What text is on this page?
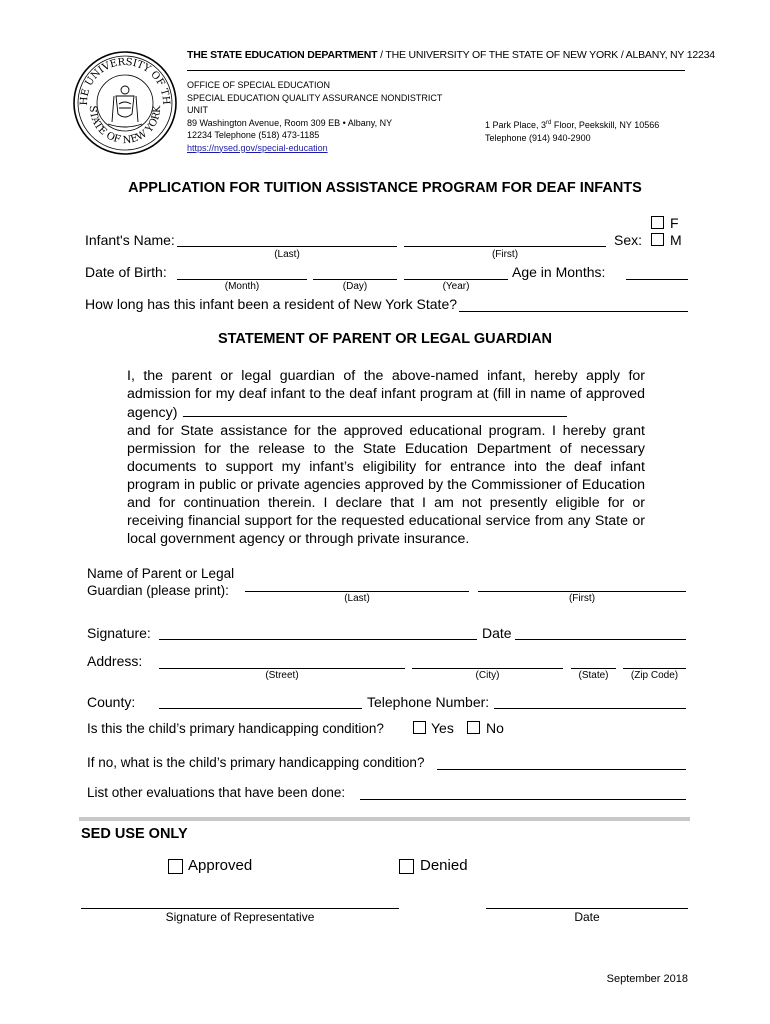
HE UNIVERSITY OF TH
STATE OF NEW YORK
THE STATE EDUCATION DEPARTMENT / THE UNIVERSITY OF THE STATE OF NEW YORK / ALBANY, NY 12234
OFFICE OF SPECIAL EDUCATION
SPECIAL EDUCATION QUALITY ASSURANCE NONDISTRICT
UNIT
89 Washington Avenue, Room 309 EB • Albany, NY
12234 Telephone (518) 473-1185
https://nysed.gov/special-education
1 Park Place, 3rd Floor, Peekskill, NY 10566
Telephone (914) 940-2900
APPLICATION FOR TUITION ASSISTANCE PROGRAM FOR DEAF INFANTS
F
M
Infant's Name:
(Last)	(First)
Sex:
Date of Birth:
(Month)	(Day)	(Year)
Age in Months:
How long has this infant been a resident of New York State?
STATEMENT OF PARENT OR LEGAL GUARDIAN

I, the parent or legal guardian of the above-named infant, hereby apply for admission for my deaf infant to the deaf infant program at (fill in name of approved agency)

and for State assistance for the approved educational program. I hereby grant permission for the release to the State Education Department of necessary documents to support my infant’s eligibility for entrance into the deaf infant program in public or private agencies approved by the Commissioner of Education and for continuation therein. I declare that I am not presently eligible for or receiving financial support for the requested educational service from any State or local government agency or through private insurance.

Name of Parent or Legal
Guardian (please print):
(Last)	(First)
Signature:	Date
Address:
(Street)	(City)	(State)	(Zip Code)
County:	Telephone Number:
Is this the child’s primary handicapping condition?	Yes No
If no, what is the child’s primary handicapping condition?
List other evaluations that have been done:
SED USE ONLY
Approved	Denied
Signature of Representative	Date
September 2018
